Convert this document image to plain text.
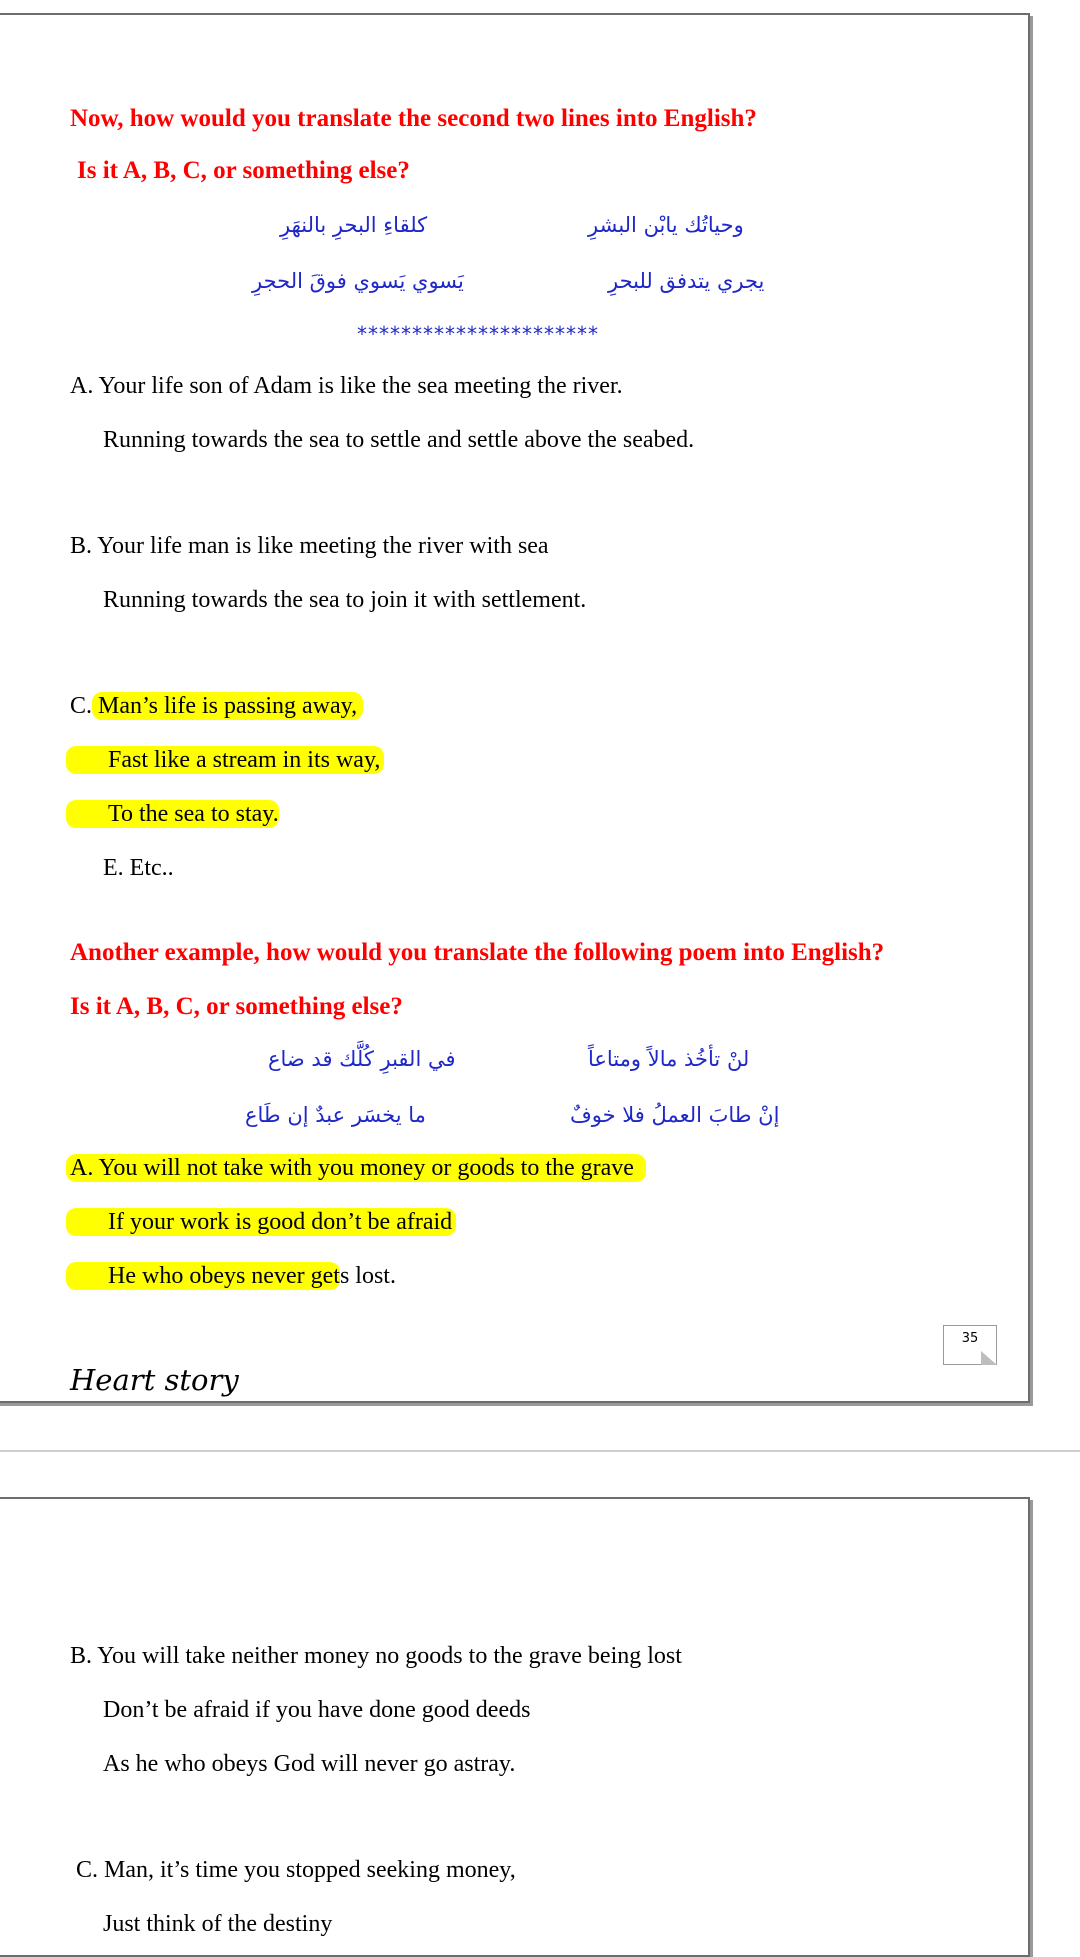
Now, how would you translate the second two lines into English?
Is it A, B, C, or something else?
وحياتُك يابْن البشرِ
كلقاءِ البحرِ بالنهَرِ
يجري يتدفق للبحرِ
يَسوي يَسوي فوقَ الحجرِ
**********************
A. Your life son of Adam is like the sea meeting the river.
Running towards the sea to settle and settle above the seabed.
B. Your life man is like meeting the river with sea
Running towards the sea to join it with settlement.
C. Man’s life is passing away,
Fast like a stream in its way,
To the sea to stay.
E. Etc..
Another example, how would you translate the following poem into English?
Is it A, B, C, or something else?
لنْ تأخُذ مالاً ومتاعاً
في القبرِ كُلَّك قد ضاع
إنْ طابَ العملُ فلا خوفٌ
ما يخسَر عبدٌ إن طَاع
A. You will not take with you money or goods to the grave
If your work is good don’t be afraid
He who obeys never gets lost.
Heart story
35
B. You will take neither money no goods to the grave being lost
Don’t be afraid if you have done good deeds
As he who obeys God will never go astray.
C. Man, it’s time you stopped seeking money,
Just think of the destiny
